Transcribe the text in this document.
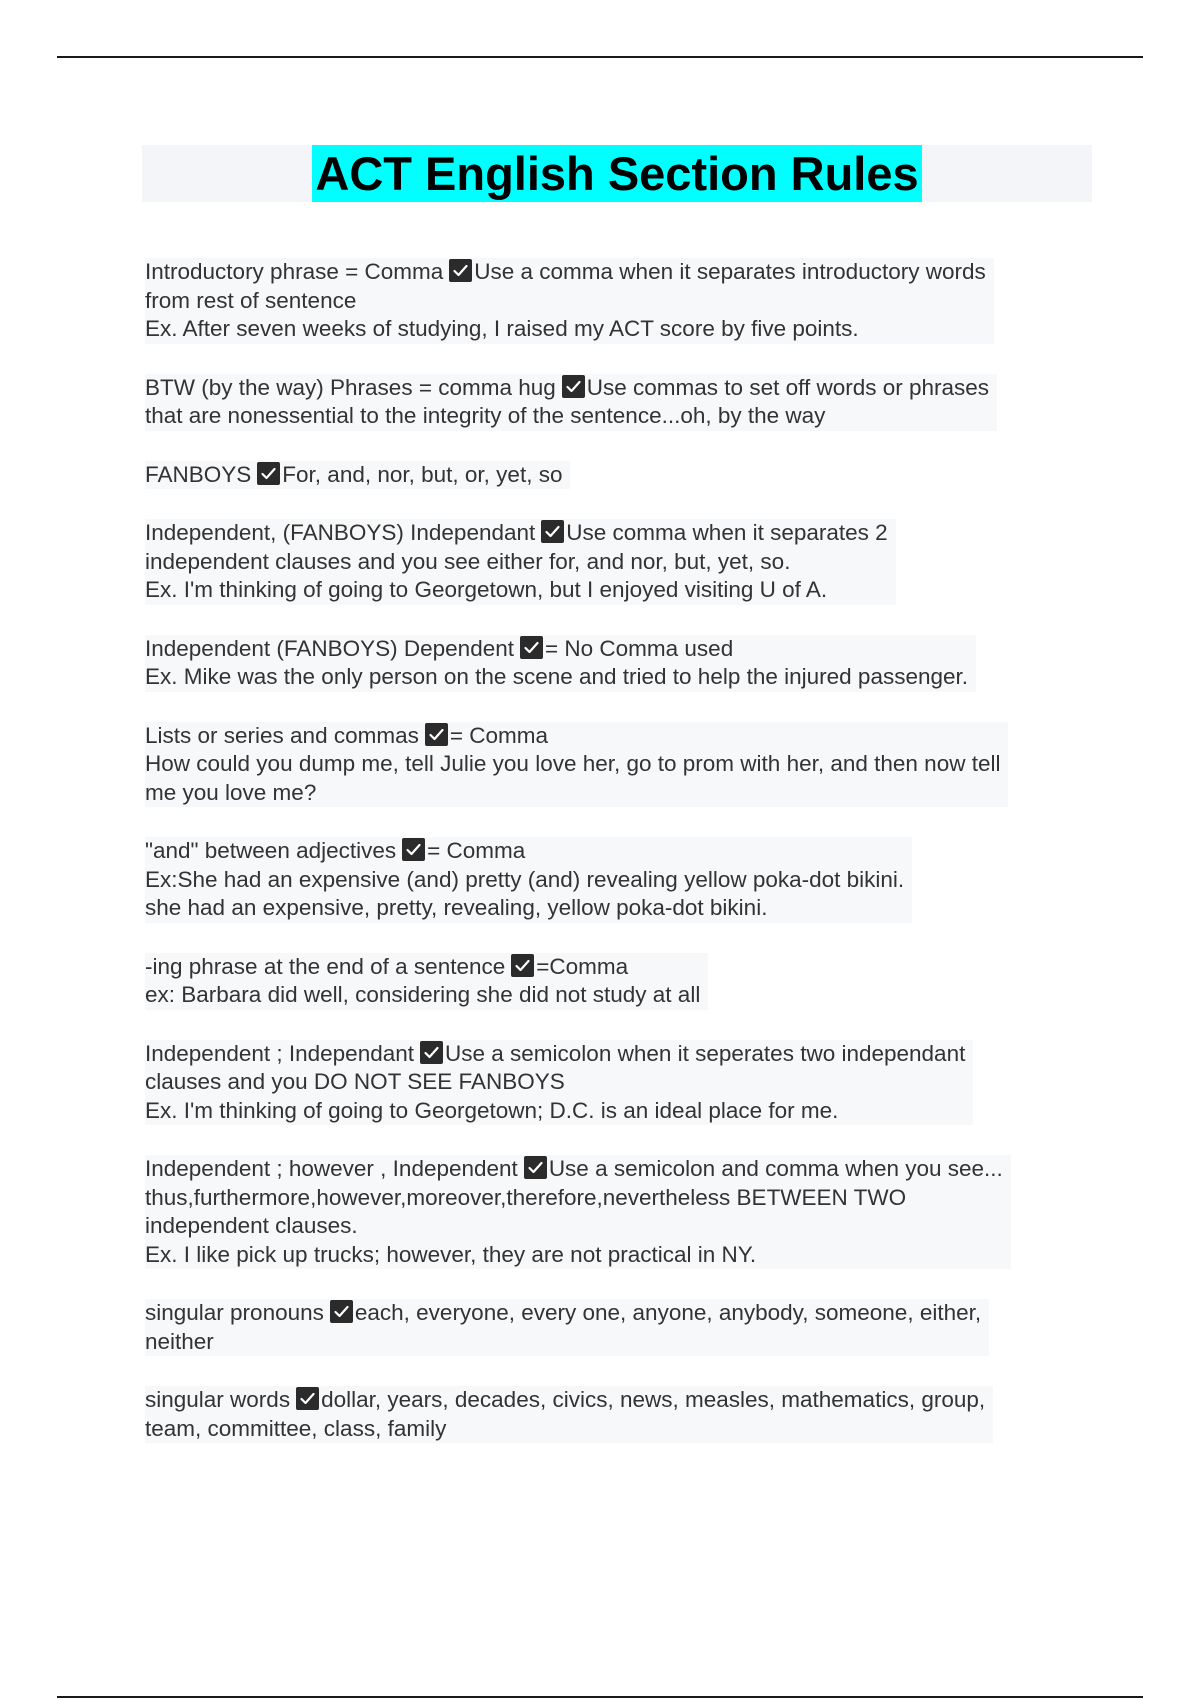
ACT English Section Rules
Introductory phrase = Comma Use a comma when it separates introductory words
from rest of sentence
Ex. After seven weeks of studying, I raised my ACT score by five points.
BTW (by the way) Phrases = comma hug Use commas to set off words or phrases
that are nonessential to the integrity of the sentence...oh, by the way
FANBOYS For, and, nor, but, or, yet, so
Independent, (FANBOYS) Independant Use comma when it separates 2
independent clauses and you see either for, and nor, but, yet, so.
Ex. I'm thinking of going to Georgetown, but I enjoyed visiting U of A.
Independent (FANBOYS) Dependent = No Comma used
Ex. Mike was the only person on the scene and tried to help the injured passenger.
Lists or series and commas = Comma
How could you dump me, tell Julie you love her, go to prom with her, and then now tell
me you love me?
"and" between adjectives = Comma
Ex:She had an expensive (and) pretty (and) revealing yellow poka-dot bikini.
she had an expensive, pretty, revealing, yellow poka-dot bikini.
-ing phrase at the end of a sentence =Comma
ex: Barbara did well, considering she did not study at all
Independent ; Independant Use a semicolon when it seperates two independant
clauses and you DO NOT SEE FANBOYS
Ex. I'm thinking of going to Georgetown; D.C. is an ideal place for me.
Independent ; however , Independent Use a semicolon and comma when you see...
thus,furthermore,however,moreover,therefore,nevertheless BETWEEN TWO
independent clauses.
Ex. I like pick up trucks; however, they are not practical in NY.
singular pronouns each, everyone, every one, anyone, anybody, someone, either,
neither
singular words dollar, years, decades, civics, news, measles, mathematics, group,
team, committee, class, family
